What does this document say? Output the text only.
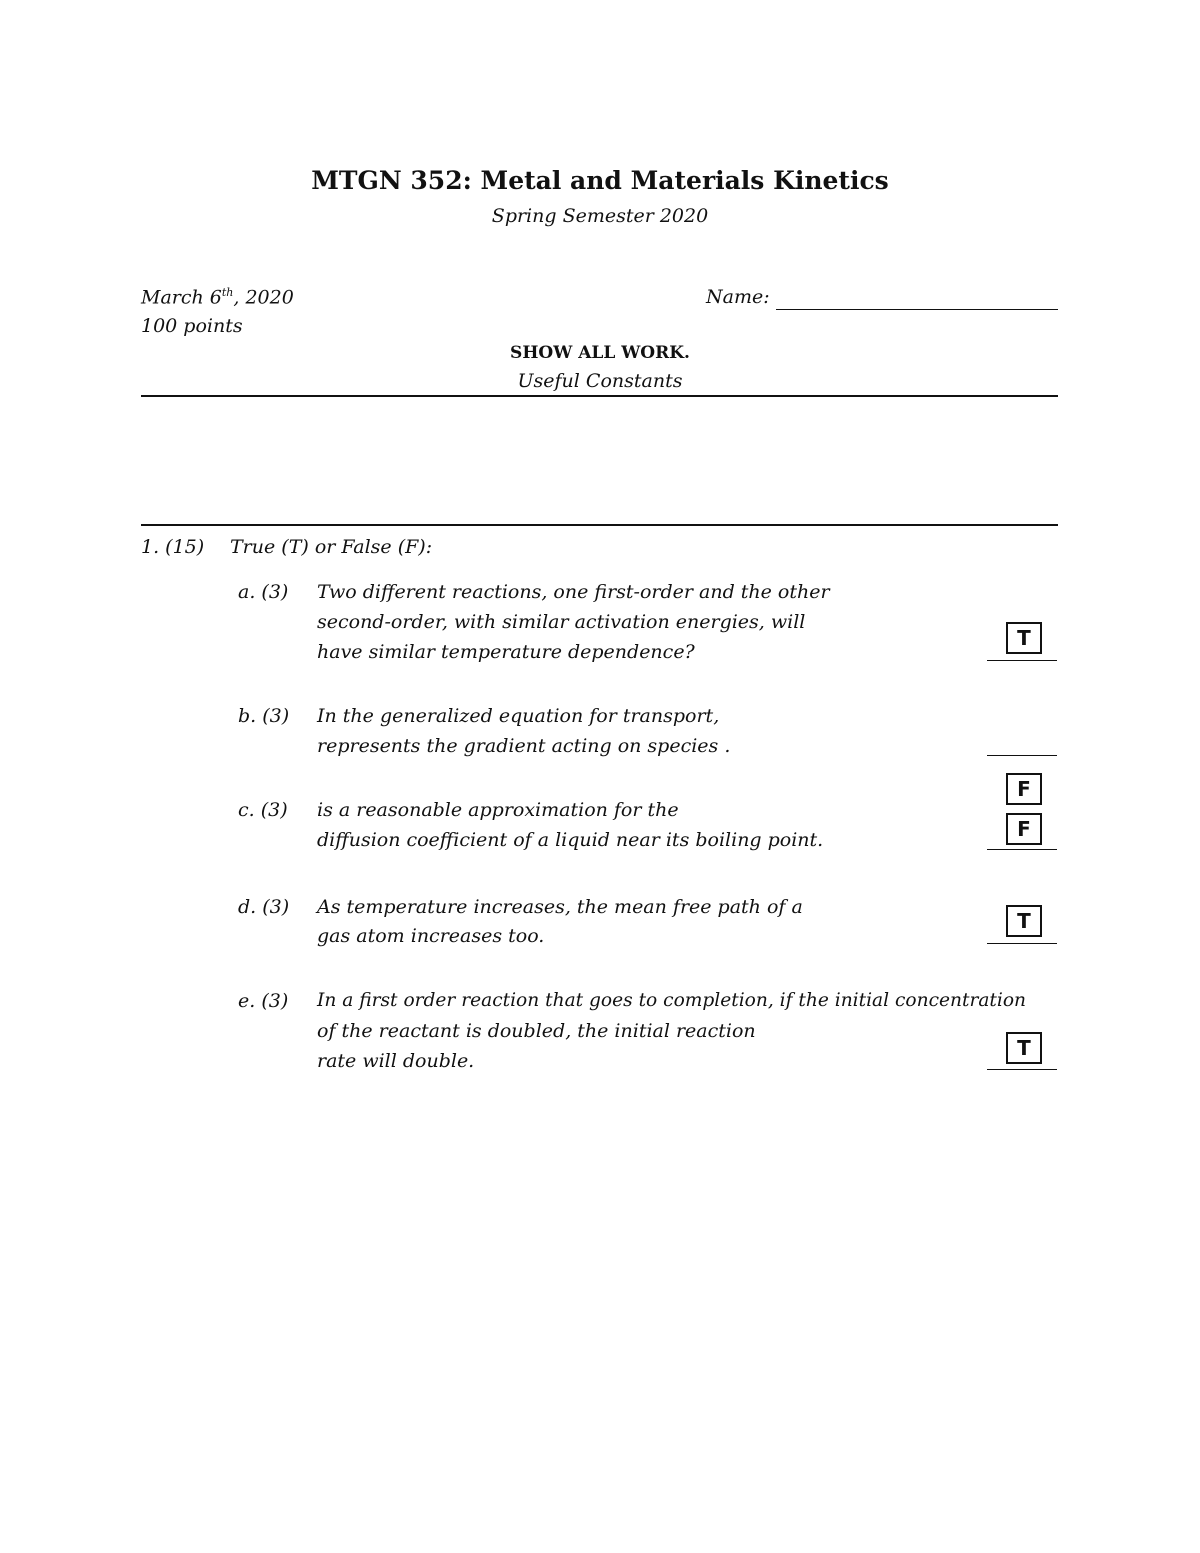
MTGN 352: Metal and Materials Kinetics
Spring Semester 2020
March 6th, 2020
100 points
Name:
SHOW ALL WORK.
Useful Constants
1. (15) True (T) or False (F):
a. (3) Two different reactions, one first-order and the other
second-order, with similar activation energies, will
have similar temperature dependence?
T
b. (3) In the generalized equation for transport,
represents the gradient acting on species .
c. (3) is a reasonable approximation for the
diffusion coefficient of a liquid near its boiling point.
F
F
d. (3) As temperature increases, the mean free path of a
gas atom increases too.
T
e. (3) In a first order reaction that goes to completion, if the initial concentration
of the reactant is doubled, the initial reaction
rate will double.
T
